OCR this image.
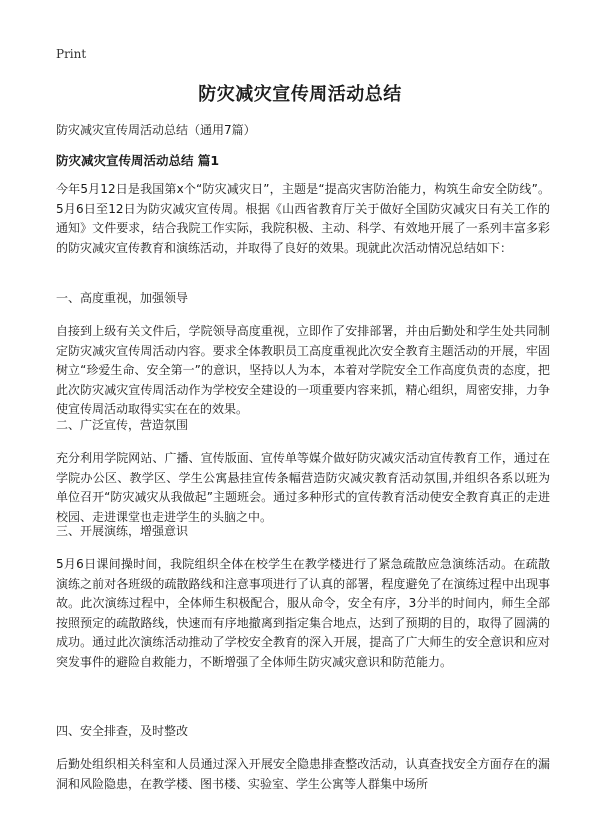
Print
防灾减灾宣传周活动总结
防灾减灾宣传周活动总结（通用7篇）
防灾减灾宣传周活动总结 篇1

今年5月12日是我国第x个“防灾减灾日”，主题是“提高灾害防治能力，构筑生命安全防线”。5月6日至12日为防灾减灾宣传周。根据《山西省教育厅关于做好全国防灾减灾日有关工作的通知》文件要求，结合我院工作实际，我院积极、主动、科学、有效地开展了一系列丰富多彩的防灾减灾宣传教育和演练活动，并取得了良好的效果。现就此次活动情况总结如下：

一、高度重视，加强领导

自接到上级有关文件后，学院领导高度重视，立即作了安排部署，并由后勤处和学生处共同制定防灾减灾宣传周活动内容。要求全体教职员工高度重视此次安全教育主题活动的开展，牢固树立“珍爱生命、安全第一”的意识，坚持以人为本，本着对学院安全工作高度负责的态度，把此次防灾减灾宣传周活动作为学校安全建设的一项重要内容来抓，精心组织，周密安排，力争使宣传周活动取得实实在在的效果。

二、广泛宣传，营造氛围

充分利用学院网站、广播、宣传版面、宣传单等媒介做好防灾减灾活动宣传教育工作，通过在学院办公区、教学区、学生公寓悬挂宣传条幅营造防灾减灾教育活动氛围,并组织各系以班为单位召开“防灾减灾从我做起”主题班会。通过多种形式的宣传教育活动使安全教育真正的走进校园、走进课堂也走进学生的头脑之中。

三、开展演练，增强意识

5月6日课间操时间，我院组织全体在校学生在教学楼进行了紧急疏散应急演练活动。在疏散演练之前对各班级的疏散路线和注意事项进行了认真的部署，程度避免了在演练过程中出现事故。此次演练过程中，全体师生积极配合，服从命令，安全有序，3分半的时间内，师生全部按照预定的疏散路线，快速而有序地撤离到指定集合地点，达到了预期的目的，取得了圆满的成功。通过此次演练活动推动了学校安全教育的深入开展，提高了广大师生的安全意识和应对突发事件的避险自救能力，不断增强了全体师生防灾减灾意识和防范能力。

四、安全排查，及时整改

后勤处组织相关科室和人员通过深入开展安全隐患排查整改活动，认真查找安全方面存在的漏洞和风险隐患，在教学楼、图书楼、实验室、学生公寓等人群集中场所
